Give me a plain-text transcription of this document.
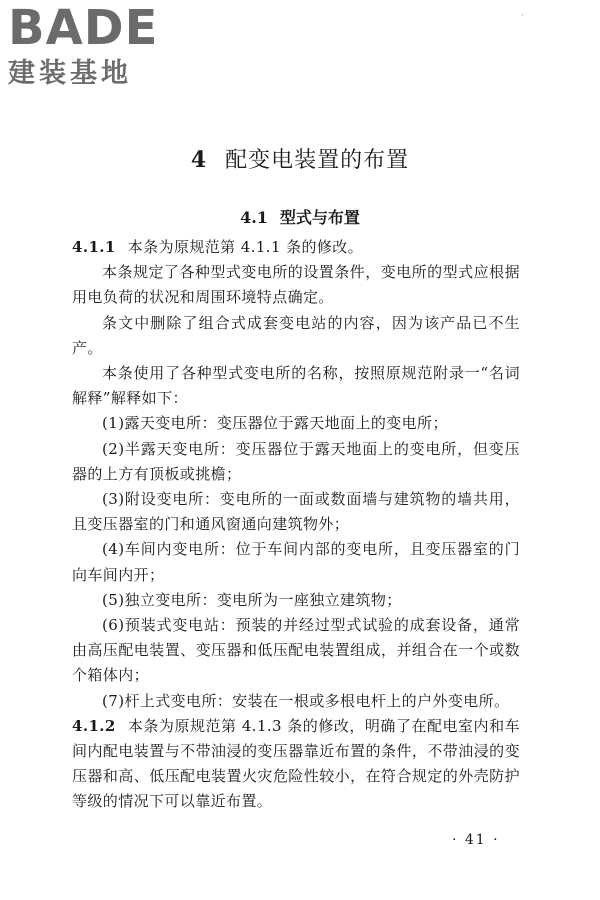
BADE
建装基地
˙
4 配变电装置的布置
4.1 型式与布置

4.1.1 本条为原规范第 4.1.1 条的修改。

本条规定了各种型式变电所的设置条件，变电所的型式应根据用电负荷的状况和周围环境特点确定。

条文中删除了组合式成套变电站的内容，因为该产品已不生产。

本条使用了各种型式变电所的名称，按照原规范附录一“名词解释”解释如下：

(1)露天变电所：变压器位于露天地面上的变电所；

(2)半露天变电所：变压器位于露天地面上的变电所，但变压器的上方有顶板或挑檐；

(3)附设变电所：变电所的一面或数面墙与建筑物的墙共用，且变压器室的门和通风窗通向建筑物外；

(4)车间内变电所：位于车间内部的变电所，且变压器室的门向车间内开；

(5)独立变电所：变电所为一座独立建筑物；

(6)预装式变电站：预装的并经过型式试验的成套设备，通常由高压配电装置、变压器和低压配电装置组成，并组合在一个或数个箱体内；

(7)杆上式变电所：安装在一根或多根电杆上的户外变电所。

4.1.2 本条为原规范第 4.1.3 条的修改，明确了在配电室内和车间内配电装置与不带油浸的变压器靠近布置的条件，不带油浸的变压器和高、低压配电装置火灾危险性较小，在符合规定的外壳防护等级的情况下可以靠近布置。

· 41 ·
